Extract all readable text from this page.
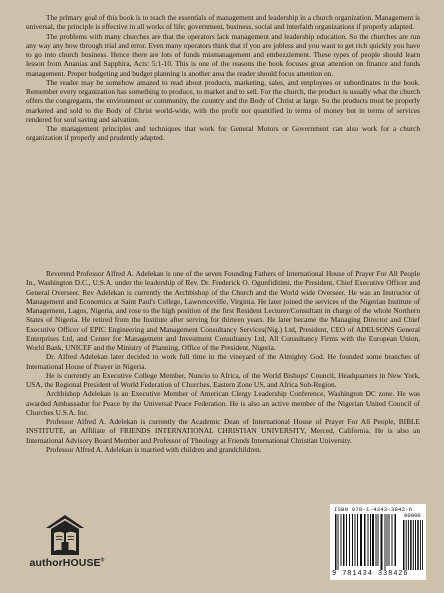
The primary goal of this book is to teach the essentials of management and leadership in a church organization. Management is universal, the principle is effective in all works of life; government, business, social and interfaith organizations if properly adapted.

The problems with many churches are that the operators lack management and leadership education. So the churches are run any way any how through trial and error. Even many operators think that if you are jobless and you want to get rich quickly you have to go into church business. Hence there are lots of funds mismanagement and embezzlement. These types of people should learn lesson from Ananias and Sapphira, Acts: 5:1-10. This is one of the reasons the book focuses great attention on finance and funds management. Proper budgeting and budget planning is another area the reader should focus attention on.

The reader may be somehow amazed to read about products, marketing, sales, and employees or subordinates in the book. Remember every organization has something to produce, to market and to sell. For the church, the product is usually what the church offers the congregants, the environment or community, the country and the Body of Christ at large. So the products must be properly marketed and sold to the Body of Christ world-wide, with the profit not quantified in terms of money but in terms of services rendered for soul saving and salvation.

The management principles and techniques that work for General Motors or Government can also work for a church organization if properly and prudently adapted.

Reverend Professor Alfred A. Adelekan is one of the seven Founding Fathers of International House of Prayer For All People In., Washington D.C., U.S.A. under the leadership of Rev. Dr. Frederick O. Ogunfiditimi, the President, Chief Executive Officer and General Overseer. Rev Adelekan is currently the Archbishop of the Church and the World wide Overseer. He was an Instructor of Management and Economics at Saint Paul's College, Lawrenceville, Virginia. He later joined the services of the Nigerian Institute of Management, Lagos, Nigeria, and rose to the high position of the first Resident Lecturer/Consultant in charge of the whole Northern States of Nigeria. He retired from the Institute after serving for thirteen years. He later became the Managing Director and Chief Executive Officer of EPIC Engineering and Management Consultancy Services(Nig.) Ltd, President, CEO of ADELSONS General Enterprises Ltd, and Center for Management and Investment Consultancy Ltd, All Consultancy Firms with the European Union, World Bank, UNICEF and the Ministry of Planning, Office of the President, Nigeria.

Dr. Alfred Adelekan later decided to work full time in the vineyard of the Almighty God. He founded some branches of International House of Prayer in Nigeria.

He is currently an Executive College Member, Nuncio to Africa, of the World Bishops' Council, Headquarters in New York, USA, the Regional President of World Federation of Churches, Eastern Zone US, and Africa Sub-Region.

Archbishop Adelekan is an Executive Member of American Clergy Leadership Conference, Washington DC zone. He was awarded Ambassador for Peace by the Universal Peace Federation. He is also an active member of the Nigerian United Council of Churches U.S.A. Inc.

Professor Alfred A. Adelekan is currently the Academic Dean of International House of Prayer For All People, BIBLE INSTITUTE, an Affiliate of FRIENDS INTERNATIONAL CHRISTIAN UNIVERSITY, Merced, California. He is also an International Advisory Board Member and Professor of Theology at Friends International Christian University.

Professor Alfred A. Adelekan is married with children and grandchildren.

authorHOUSE®
ISBN 978-1-4343-3842-6
90000
9 781434 338426
